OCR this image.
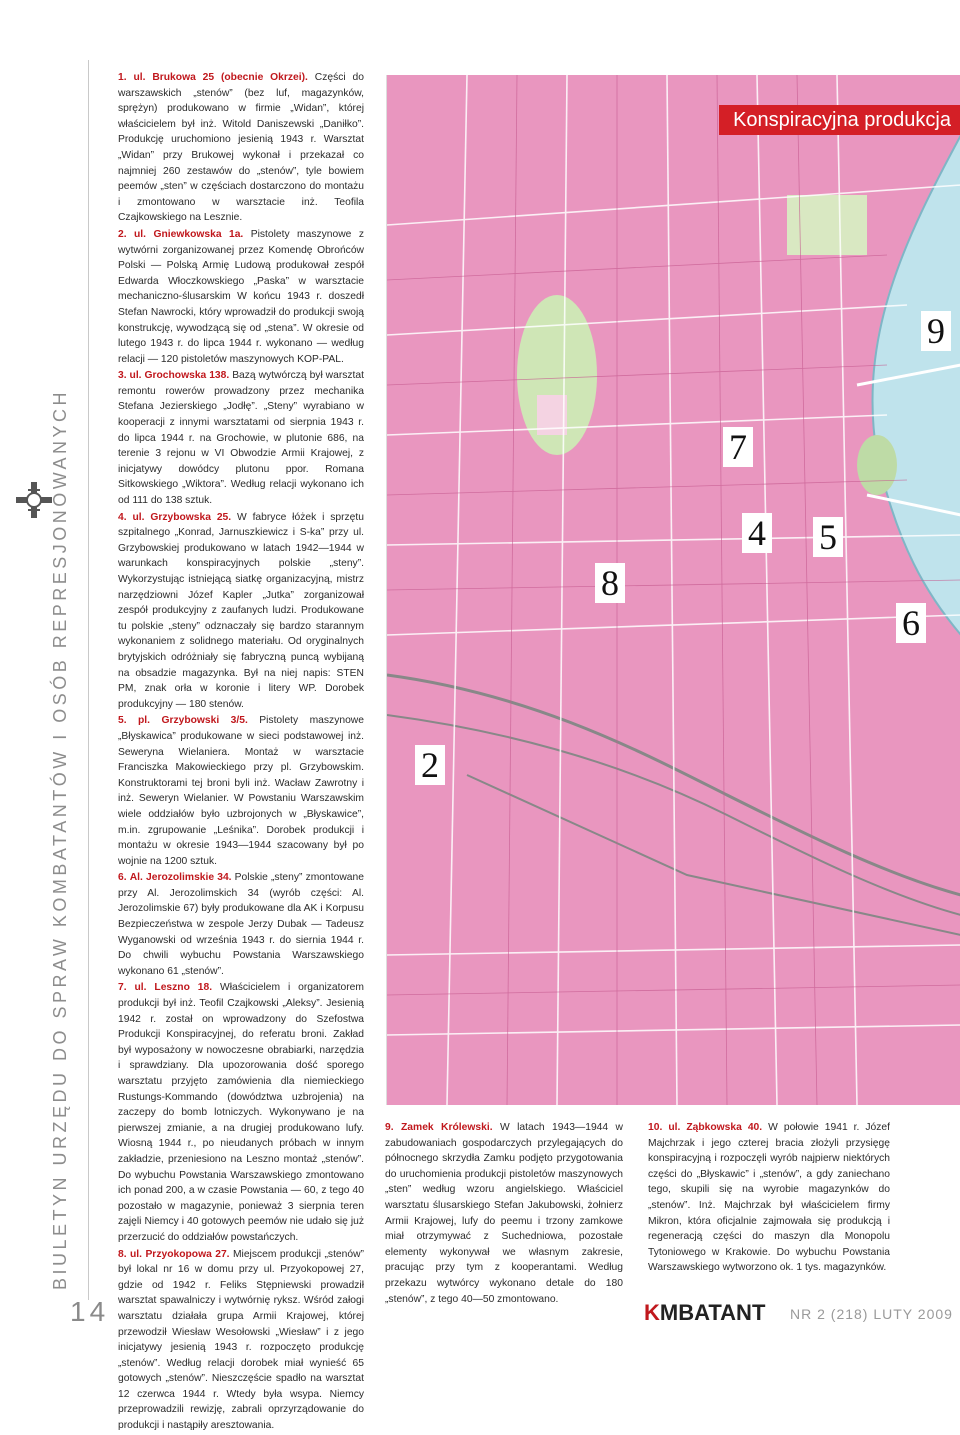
BIULETYN URZĘDU DO SPRAW KOMBATANTÓW I OSÓB REPRESJONOWANYCH
14

1. ul. Brukowa 25 (obecnie Okrzei). Części do warszawskich „stenów” (bez luf, magazynków, sprężyn) produkowano w firmie „Widan”, której właścicielem był inż. Witold Daniszewski „Daniłko”. Produkcję uruchomiono jesienią 1943 r. Warsztat „Widan” przy Brukowej wykonał i przekazał co najmniej 260 zestawów do „stenów”, tyle bowiem peemów „sten” w częściach dostarczono do montażu i zmontowano w warsztacie inż. Teofila Czajkowskiego na Lesznie.

2. ul. Gniewkowska 1a. Pistolety maszynowe z wytwórni zorganizowanej przez Komendę Obrońców Polski — Polską Armię Ludową produkował zespół Edwarda Włoczkowskiego „Paska” w warsztacie mechaniczno-ślusarskim W końcu 1943 r. doszedł Stefan Nawrocki, który wprowadził do produkcji swoją konstrukcję, wywodzącą się od „stena”. W okresie od lutego 1943 r. do lipca 1944 r. wykonano — według relacji — 120 pistoletów maszynowych KOP-PAL.

3. ul. Grochowska 138. Bazą wytwórczą był warsztat remontu rowerów prowadzony przez mechanika Stefana Jezierskiego „Jodłę”. „Steny” wyrabiano w kooperacji z innymi warsztatami od sierpnia 1943 r. do lipca 1944 r. na Grochowie, w plutonie 686, na terenie 3 rejonu w VI Obwodzie Armii Krajowej, z inicjatywy dowódcy plutonu ppor. Romana Sitkowskiego „Wiktora”. Według relacji wykonano ich od 111 do 138 sztuk.

4. ul. Grzybowska 25. W fabryce łóżek i sprzętu szpitalnego „Konrad, Jarnuszkiewicz i S-ka” przy ul. Grzybowskiej produkowano w latach 1942—1944 w warunkach konspiracyjnych polskie „steny”. Wykorzystując istniejącą siatkę organizacyjną, mistrz narzędziowni Józef Kapler „Jutka” zorganizował zespół produkcyjny z zaufanych ludzi. Produkowane tu polskie „steny” odznaczały się bardzo starannym wykonaniem z solidnego materiału. Od oryginalnych brytyjskich odróżniały się fabryczną puncą wybijaną na obsadzie magazynka. Był na niej napis: STEN PM, znak orła w koronie i litery WP. Dorobek produkcyjny — 180 stenów.

5. pl. Grzybowski 3/5. Pistolety maszynowe „Błyskawica” produkowane w sieci podstawowej inż. Seweryna Wielaniera. Montaż w warsztacie Franciszka Makowieckiego przy pl. Grzybowskim. Konstruktorami tej broni byli inż. Wacław Zawrotny i inż. Seweryn Wielanier. W Powstaniu Warszawskim wiele oddziałów było uzbrojonych w „Błyskawice”, m.in. zgrupowanie „Leśnika”. Dorobek produkcji i montażu w okresie 1943—1944 szacowany był po wojnie na 1200 sztuk.

6. Al. Jerozolimskie 34. Polskie „steny” zmontowane przy Al. Jerozolimskich 34 (wyrób części: Al. Jerozolimskie 67) były produkowane dla AK i Korpusu Bezpieczeństwa w zespole Jerzy Dubak — Tadeusz Wyganowski od września 1943 r. do siernia 1944 r. Do chwili wybuchu Powstania Warszawskiego wykonano 61 „stenów”.

7. ul. Leszno 18. Właścicielem i organizatorem produkcji był inż. Teofil Czajkowski „Aleksy”. Jesienią 1942 r. został on wprowadzony do Szefostwa Produkcji Konspiracyjnej, do referatu broni. Zakład był wyposażony w nowoczesne obrabiarki, narzędzia i sprawdziany. Dla upozorowania dość sporego warsztatu przyjęto zamówienia dla niemieckiego Rustungs-Kommando (dowództwa uzbrojenia) na zaczepy do bomb lotniczych. Wykonywano je na pierwszej zmianie, a na drugiej produkowano lufy. Wiosną 1944 r., po nieudanych próbach w innym zakładzie, przeniesiono na Leszno montaż „stenów”. Do wybuchu Powstania Warszawskiego zmontowano ich ponad 200, a w czasie Powstania — 60, z tego 40 pozostało w magazynie, ponieważ 3 sierpnia teren zajęli Niemcy i 40 gotowych peemów nie udało się już przerzucić do oddziałów powstańczych.

8. ul. Przyokopowa 27. Miejscem produkcji „stenów” był lokal nr 16 w domu przy ul. Przyokopowej 27, gdzie od 1942 r. Feliks Stępniewski prowadził warsztat spawalniczy i wytwórnię ryksz. Wśród załogi warsztatu działała grupa Armii Krajowej, której przewodził Wiesław Wesołowski „Wiesław” i z jego inicjatywy jesienią 1943 r. rozpoczęto produkcję „stenów”. Według relacji dorobek miał wynieść 65 gotowych „stenów”. Nieszczęście spadło na warsztat 12 czerwca 1944 r. Wtedy była wsypa. Niemcy przeprowadzili rewizję, zabrali oprzyrządowanie do produkcji i nastąpiły aresztowania.

Konspiracyjna produkcja
2
4 5
6
7
8
9

9. Zamek Królewski. W latach 1943—1944 w zabudowaniach gospodarczych przylegających do północnego skrzydła Zamku podjęto przygotowania do uruchomienia produkcji pistoletów maszynowych „sten” według wzoru angielskiego. Właściciel warsztatu ślusarskiego Stefan Jakubowski, żołnierz Armii Krajowej, lufy do peemu i trzony zamkowe miał otrzymywać z Suchedniowa, pozostałe elementy wykonywał we własnym zakresie, pracując przy tym z kooperantami. Według przekazu wytwórcy wykonano detale do 180 „stenów”, z tego 40—50 zmontowano.

10. ul. Ząbkowska 40. W połowie 1941 r. Józef Majchrzak i jego czterej bracia złożyli przysięgę konspiracyjną i rozpoczęli wyrób najpierw niektórych części do „Błyskawic” i „stenów”, a gdy zaniechano tego, skupili się na wyrobie magazynków do „stenów”. Inż. Majchrzak był właścicielem firmy Mikron, która oficjalnie zajmowała się produkcją i regeneracją części do maszyn dla Monopolu Tytoniowego w Krakowie. Do wybuchu Powstania Warszawskiego wytworzono ok. 1 tys. magazynków.

KMBATANT NR 2 (218) LUTY 2009
